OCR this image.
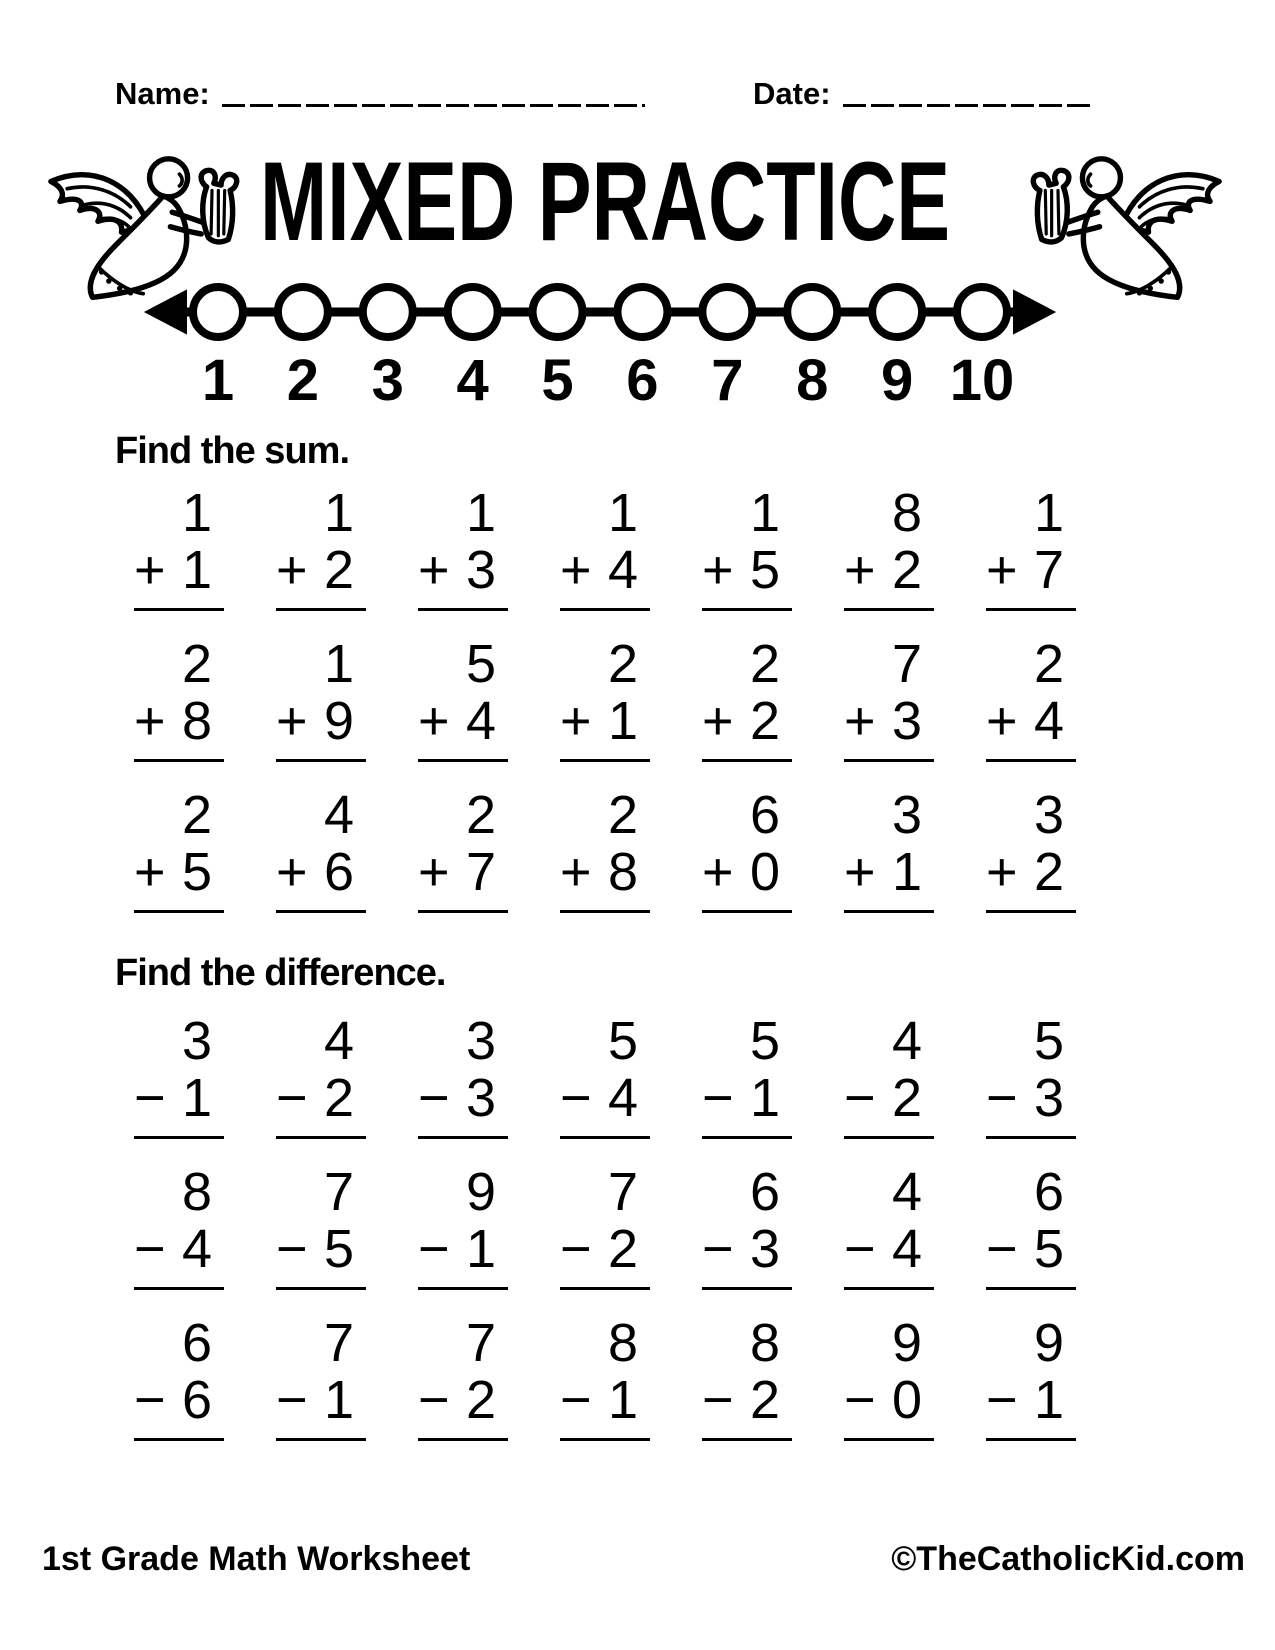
Name:	Date:
MIXED PRACTICE
1 2 3 4 5 6 7 8 9 10
Find the sum.
1
+ 1
1
+ 2
1
+ 3
1
+ 4
1
+ 5
8
+ 2
1
+ 7
2
+ 8
1
+ 9
5
+ 4
2
+ 1
2
+ 2
7
+ 3
2
+ 4
2
+ 5
4
+ 6
2
+ 7
2
+ 8
6
+ 0
3
+ 1
3
+ 2
Find the difference.
3
− 1
4
− 2
3
− 3
5
− 4
5
− 1
4
− 2
5
− 3
8
− 4
7
− 5
9
− 1
7
− 2
6
− 3
4
− 4
6
− 5
6
− 6
7
− 1
7
− 2
8
− 1
8
− 2
9
− 0
9
− 1
1st Grade Math Worksheet	©TheCatholicKid.com
